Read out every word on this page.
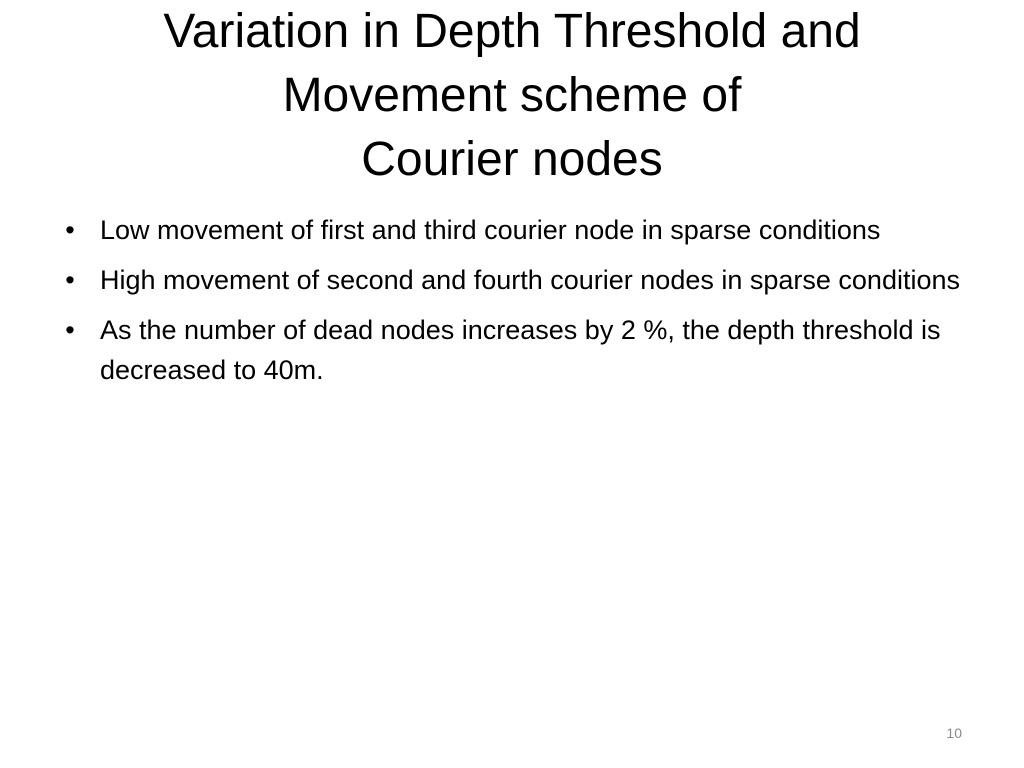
Variation in Depth Threshold and
Movement scheme of
Courier nodes
• Low movement of first and third courier node in sparse conditions
• High movement of second and fourth courier nodes in sparse conditions
• As the number of dead nodes increases by 2 %, the depth threshold is decreased to 40m.
10
